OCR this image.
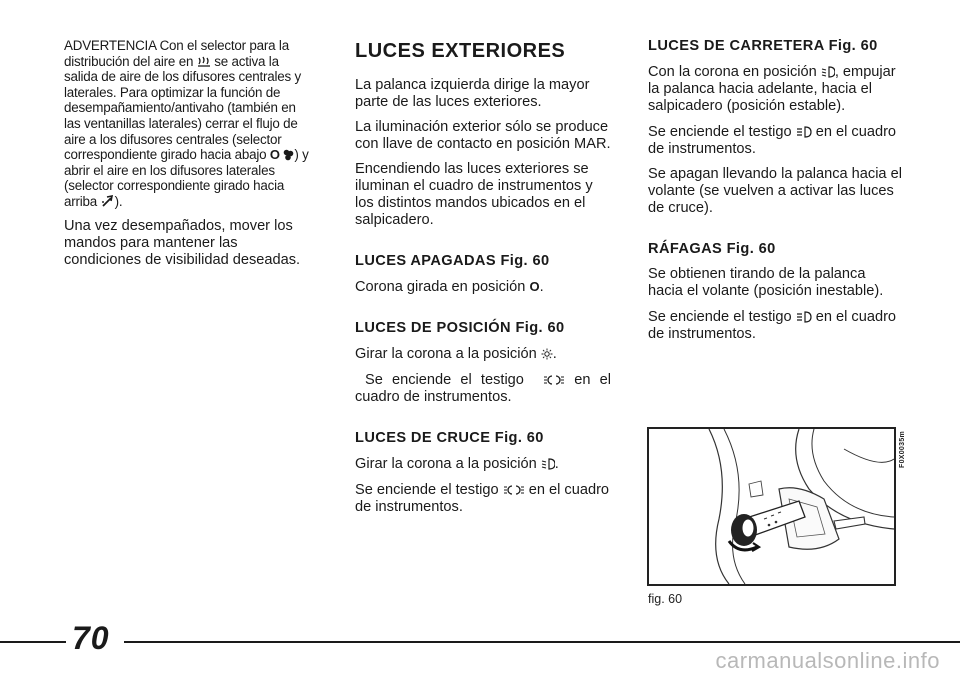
ADVERTENCIA Con el selector para la distribución del aire en  se activa la salida de aire de los difusores centrales y laterales. Para optimizar la función de desempañamiento/antivaho (también en las ventanillas laterales) cerrar el flujo de aire a los difusores centrales (selector correspondiente girado hacia abajo O ) y abrir el aire en los difusores laterales (selector correspondiente girado hacia arriba ).

Una vez desempañados, mover los mandos para mantener las condiciones de visibilidad deseadas.

LUCES EXTERIORES

La palanca izquierda dirige la mayor parte de las luces exteriores.

La iluminación exterior sólo se produce con llave de contacto en posición MAR.

Encendiendo las luces exteriores se iluminan el cuadro de instrumentos y los distintos mandos ubicados en el salpicadero.

LUCES APAGADAS Fig. 60

Corona girada en posición O.

LUCES DE POSICIÓN Fig. 60

Girar la corona a la posición .

Se enciende el testigo  en el cuadro de instrumentos.

LUCES DE CRUCE Fig. 60

Girar la corona a la posición .

Se enciende el testigo  en el cuadro de instrumentos.

LUCES DE CARRETERA Fig. 60

Con la corona en posición , empujar la palanca hacia adelante, hacia el salpicadero (posición estable).

Se enciende el testigo  en el cuadro de instrumentos.

Se apagan llevando la palanca hacia el volante (se vuelven a activar las luces de cruce).

RÁFAGAS Fig. 60

Se obtienen tirando de la palanca hacia el volante (posición inestable).

Se enciende el testigo  en el cuadro de instrumentos.

F0X0035m
fig. 60
70
carmanualsonline.info
